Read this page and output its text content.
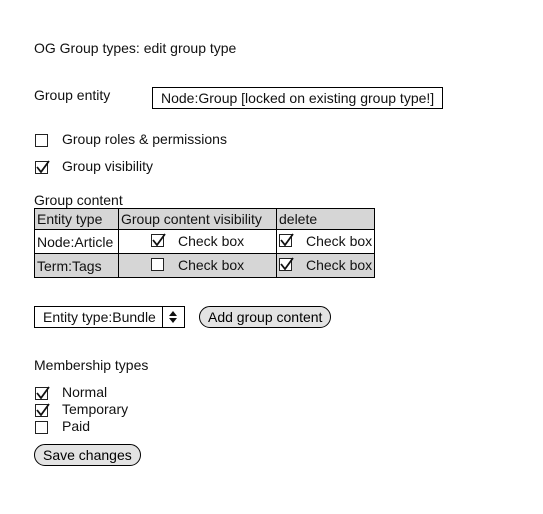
OG Group types: edit group type
Group entity	Node:Group [locked on existing group type!]
Group roles & permissions
Group visibility
Group content
Entity type	Group content visibility	delete
Node:Article	Check box	Check box

Term:Tags	Check box	Check box
Entity type:Bundle	Add group content
Membership types
Normal
Temporary
Paid
Save changes
